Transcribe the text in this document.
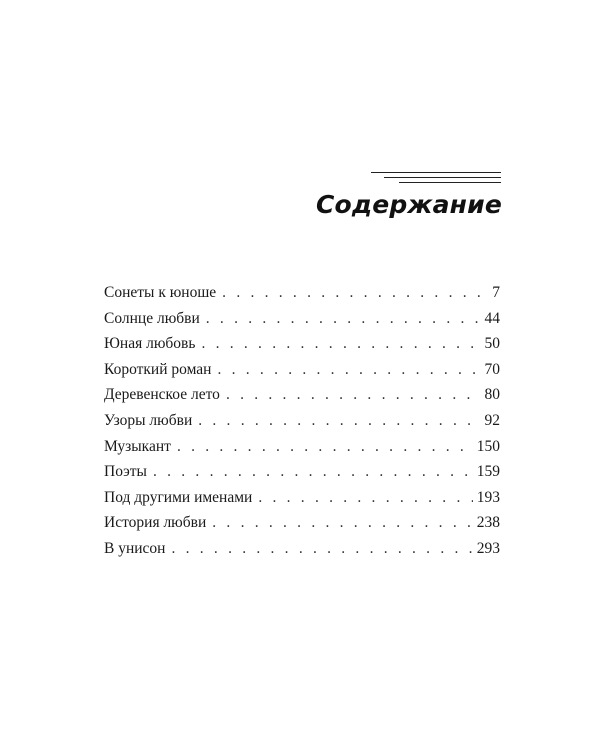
Содержание
Сонеты к юноше . . .	7
Солнце любви . . .	44
Юная любовь . . .	50
Короткий роман . . .	70
Деревенское лето . . .	80
Узоры любви . . .	92
Музыкант . . .	150
Поэты . . .	159
Под другими именами . . .	193
История любви . . .	238
В унисон . . .	293
